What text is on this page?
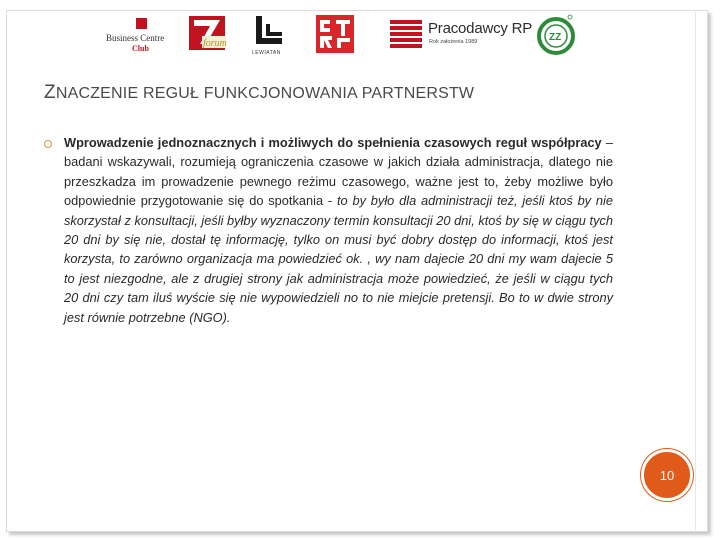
Business Centre
Club	forum
LEWIATAN
Pracodawcy RP
Rok założenia 1989	ZZ
ZNACZENIE REGUŁ FUNKCJONOWANIA PARTNERSTW

Wprowadzenie jednoznacznych i możliwych do spełnienia czasowych reguł współpracy – badani wskazywali, rozumieją ograniczenia czasowe w jakich działa administracja, dlatego nie przeszkadza im prowadzenie pewnego reżimu czasowego, ważne jest to, żeby możliwe było odpowiednie przygotowanie się do spotkania - to by było dla administracji też, jeśli ktoś by nie skorzystał z konsultacji, jeśli byłby wyznaczony termin konsultacji 20 dni, ktoś by się w ciągu tych 20 dni by się nie, dostał tę informację, tylko on musi być dobry dostęp do informacji, ktoś jest korzysta, to zarówno organizacja ma powiedzieć ok. , wy nam dajecie 20 dni my wam dajecie 5 to jest niezgodne, ale z drugiej strony jak administracja może powiedzieć, że jeśli w ciągu tych 20 dni czy tam iluś wyście się nie wypowiedzieli no to nie miejcie pretensji. Bo to w dwie strony jest równie potrzebne (NGO).

10
